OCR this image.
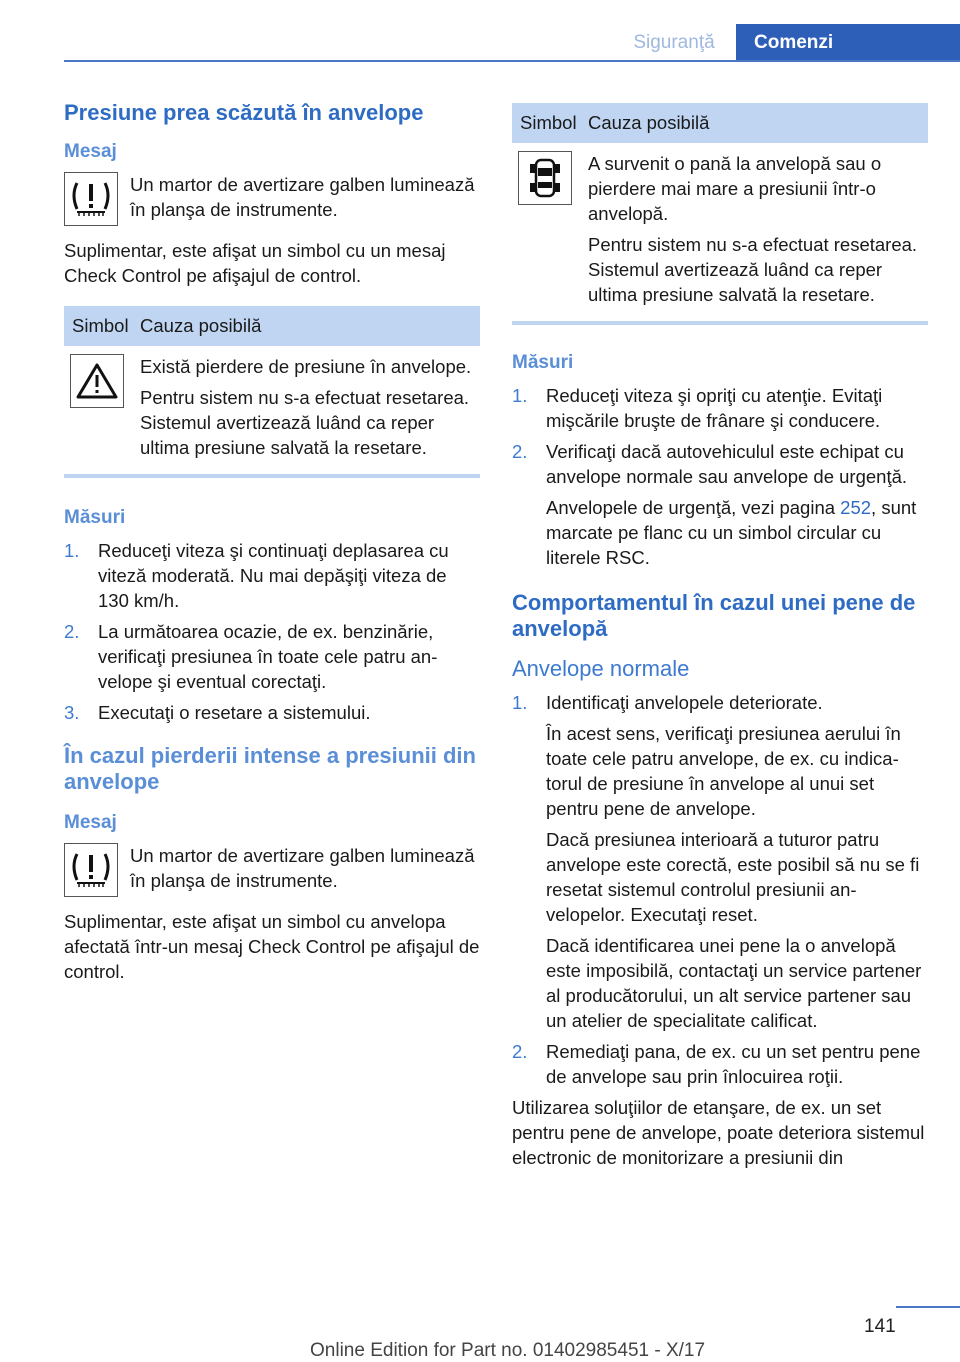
Siguranţă	Comenzi
Presiune prea scăzută în anvelope
Mesaj

Un martor de avertizare galben luminează în planşa de instrumente.

Suplimentar, este afişat un simbol cu un mesaj Check Control pe afişajul de control.

Simbol Cauza posibilă

Există pierdere de presiune în anvelope.

Pentru sistem nu s-a efectuat resetarea. Sistemul avertizează luând ca reper ultima presiune salvată la resetare.

Măsuri
1.	Reduceţi viteza şi continuaţi deplasarea cu viteză moderată. Nu mai depăşiţi viteza de 130 km/h.

2.	La următoarea ocazie, de ex. benzinărie, verificaţi presiunea în toate cele patru anvelope şi eventual corectaţi.

3.	Executaţi o resetare a sistemului.

În cazul pierderii intense a presiunii din anvelope
Mesaj

Un martor de avertizare galben luminează în planşa de instrumente.

Suplimentar, este afişat un simbol cu anvelopa afectată într-un mesaj Check Control pe afişajul de control.

Simbol Cauza posibilă

A survenit o pană la anvelopă sau o pierdere mai mare a presiunii într-o anvelopă.

Pentru sistem nu s-a efectuat resetarea. Sistemul avertizează luând ca reper ultima presiune salvată la resetare.

Măsuri
1.	Reduceţi viteza şi opriţi cu atenţie. Evitaţi mişcările bruşte de frânare şi conducere.

2.	Verificaţi dacă autovehiculul este echipat cu anvelope normale sau anvelope de urgenţă.

Anvelopele de urgenţă, vezi pagina 252, sunt marcate pe flanc cu un simbol circular cu literele RSC.

Comportamentul în cazul unei pene de anvelopă
Anvelope normale
1.	Identificaţi anvelopele deteriorate.

În acest sens, verificaţi presiunea aerului în toate cele patru anvelope, de ex. cu indicatorul de presiune în anvelope al unui set pentru pene de anvelope.

Dacă presiunea interioară a tuturor patru anvelope este corectă, este posibil să nu se fi resetat sistemul controlul presiunii anvelopelor. Executaţi reset.

Dacă identificarea unei pene la o anvelopă este imposibilă, contactaţi un service partener al producătorului, un alt service partener sau un atelier de specialitate calificat.

2.	Remediaţi pana, de ex. cu un set pentru pene de anvelope sau prin înlocuirea roţii.

Utilizarea soluţiilor de etanşare, de ex. un set pentru pene de anvelope, poate deteriora sistemul electronic de monitorizare a presiunii din

141
Online Edition for Part no. 01402985451 - X/17
